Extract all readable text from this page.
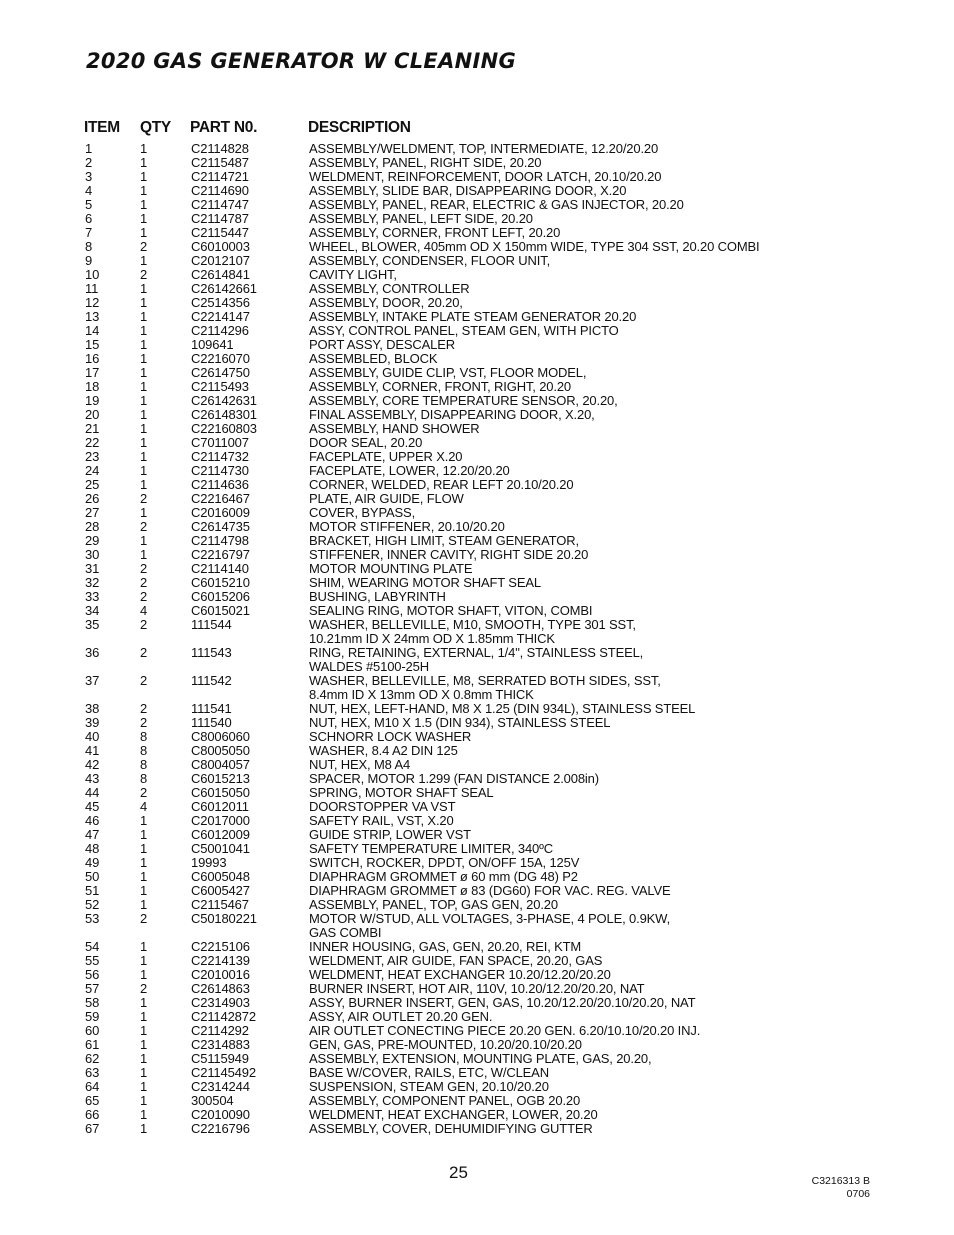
2020 GAS GENERATOR W CLEANING
ITEM QTY PART N0.	DESCRIPTION
1	1	C2114828	ASSEMBLY/WELDMENT, TOP, INTERMEDIATE, 12.20/20.20
2	1	C2115487	ASSEMBLY, PANEL, RIGHT SIDE, 20.20
3	1	C2114721	WELDMENT, REINFORCEMENT, DOOR LATCH, 20.10/20.20
4	1	C2114690	ASSEMBLY, SLIDE BAR, DISAPPEARING DOOR, X.20
5	1	C2114747	ASSEMBLY, PANEL, REAR, ELECTRIC & GAS INJECTOR, 20.20
6	1	C2114787	ASSEMBLY, PANEL, LEFT SIDE, 20.20
7	1	C2115447	ASSEMBLY, CORNER, FRONT LEFT, 20.20
8	2	C6010003	WHEEL, BLOWER, 405mm OD X 150mm WIDE, TYPE 304 SST, 20.20 COMBI
9	1	C2012107	ASSEMBLY, CONDENSER, FLOOR UNIT,
10	2	C2614841	CAVITY LIGHT,
11	1	C26142661	ASSEMBLY, CONTROLLER
12	1	C2514356	ASSEMBLY, DOOR, 20.20,
13	1	C2214147	ASSEMBLY, INTAKE PLATE STEAM GENERATOR 20.20
14	1	C2114296	ASSY, CONTROL PANEL, STEAM GEN, WITH PICTO
15	1	109641	PORT ASSY, DESCALER
16	1	C2216070	ASSEMBLED, BLOCK
17	1	C2614750	ASSEMBLY, GUIDE CLIP, VST, FLOOR MODEL,
18	1	C2115493	ASSEMBLY, CORNER, FRONT, RIGHT, 20.20
19	1	C26142631	ASSEMBLY, CORE TEMPERATURE SENSOR, 20.20,
20	1	C26148301	FINAL ASSEMBLY, DISAPPEARING DOOR, X.20,
21	1	C22160803	ASSEMBLY, HAND SHOWER
22	1	C7011007	DOOR SEAL, 20.20
23	1	C2114732	FACEPLATE, UPPER X.20
24	1	C2114730	FACEPLATE, LOWER, 12.20/20.20
25	1	C2114636	CORNER, WELDED, REAR LEFT 20.10/20.20
26	2	C2216467	PLATE, AIR GUIDE, FLOW
27	1	C2016009	COVER, BYPASS,
28	2	C2614735	MOTOR STIFFENER, 20.10/20.20
29	1	C2114798	BRACKET, HIGH LIMIT, STEAM GENERATOR,
30	1	C2216797	STIFFENER, INNER CAVITY, RIGHT SIDE 20.20
31	2	C2114140	MOTOR MOUNTING PLATE
32	2	C6015210	SHIM, WEARING MOTOR SHAFT SEAL
33	2	C6015206	BUSHING, LABYRINTH
34	4	C6015021	SEALING RING, MOTOR SHAFT, VITON, COMBI
35	2	111544	WASHER, BELLEVILLE, M10, SMOOTH, TYPE 301 SST,
10.21mm ID X 24mm OD X 1.85mm THICK
36	2	111543	RING, RETAINING, EXTERNAL, 1/4", STAINLESS STEEL,
WALDES #5100-25H
37	2	111542	WASHER, BELLEVILLE, M8, SERRATED BOTH SIDES, SST,
8.4mm ID X 13mm OD X 0.8mm THICK
38	2	111541	NUT, HEX, LEFT-HAND, M8 X 1.25 (DIN 934L), STAINLESS STEEL
39	2	111540	NUT, HEX, M10 X 1.5 (DIN 934), STAINLESS STEEL
40	8	C8006060	SCHNORR LOCK WASHER
41	8	C8005050	WASHER, 8.4 A2 DIN 125
42	8	C8004057	NUT, HEX, M8 A4
43	8	C6015213	SPACER, MOTOR 1.299 (FAN DISTANCE 2.008in)
44	2	C6015050	SPRING, MOTOR SHAFT SEAL
45	4	C6012011	DOORSTOPPER VA VST
46	1	C2017000	SAFETY RAIL, VST, X.20
47	1	C6012009	GUIDE STRIP, LOWER VST
48	1	C5001041	SAFETY TEMPERATURE LIMITER, 340ºC
49	1	19993	SWITCH, ROCKER, DPDT, ON/OFF 15A, 125V
50	1	C6005048	DIAPHRAGM GROMMET ø 60 mm (DG 48) P2
51	1	C6005427	DIAPHRAGM GROMMET ø 83 (DG60) FOR VAC. REG. VALVE
52	1	C2115467	ASSEMBLY, PANEL, TOP, GAS GEN, 20.20
53	2	C50180221	MOTOR W/STUD, ALL VOLTAGES, 3-PHASE, 4 POLE, 0.9KW,
GAS COMBI
54	1	C2215106	INNER HOUSING, GAS, GEN, 20.20, REI, KTM
55	1	C2214139	WELDMENT, AIR GUIDE, FAN SPACE, 20.20, GAS
56	1	C2010016	WELDMENT, HEAT EXCHANGER 10.20/12.20/20.20
57	2	C2614863	BURNER INSERT, HOT AIR, 110V, 10.20/12.20/20.20, NAT
58	1	C2314903	ASSY, BURNER INSERT, GEN, GAS, 10.20/12.20/20.10/20.20, NAT
59	1	C21142872	ASSY, AIR OUTLET 20.20 GEN.
60	1	C2114292	AIR OUTLET CONECTING PIECE 20.20 GEN. 6.20/10.10/20.20 INJ.
61	1	C2314883	GEN, GAS, PRE-MOUNTED, 10.20/20.10/20.20
62	1	C5115949	ASSEMBLY, EXTENSION, MOUNTING PLATE, GAS, 20.20,
63	1	C21145492	BASE W/COVER, RAILS, ETC, W/CLEAN
64	1	C2314244	SUSPENSION, STEAM GEN, 20.10/20.20
65	1	300504	ASSEMBLY, COMPONENT PANEL, OGB 20.20
66	1	C2010090	WELDMENT, HEAT EXCHANGER, LOWER, 20.20
67	1	C2216796	ASSEMBLY, COVER, DEHUMIDIFYING GUTTER
25	C3216313 B
0706
